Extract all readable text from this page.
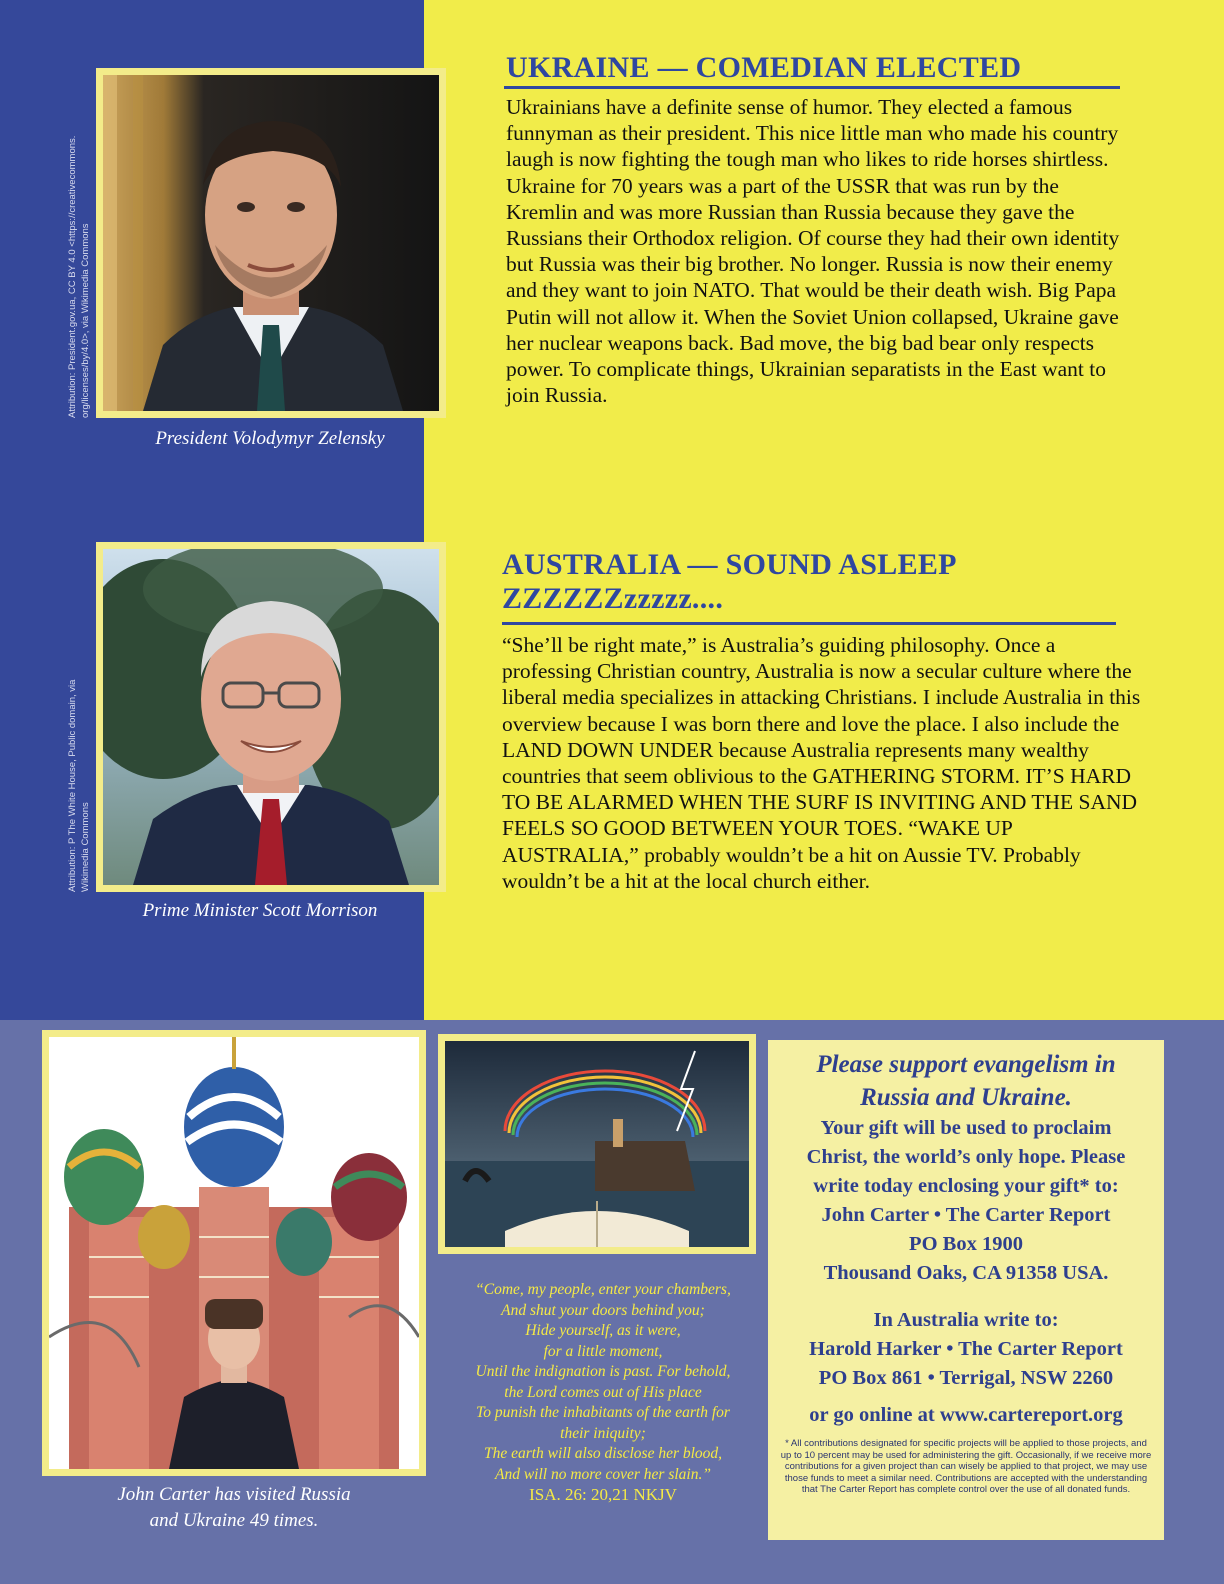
Attribution: President.gov.ua, CC BY 4.0 <https://creativecommons. org/licenses/by/4.0>, via Wikimedia Commons
President Volodymyr Zelensky
UKRAINE — COMEDIAN ELECTED

Ukrainians have a definite sense of humor. They elected a famous funnyman as their president. This nice little man who made his country laugh is now fighting the tough man who likes to ride horses shirtless. Ukraine for 70 years was a part of the USSR that was run by the Kremlin and was more Russian than Russia because they gave the Russians their Orthodox religion. Of course they had their own identity but Russia was their big brother. No longer. Russia is now their enemy and they want to join NATO. That would be their death wish. Big Papa Putin will not allow it. When the Soviet Union collapsed, Ukraine gave her nuclear weapons back. Bad move, the big bad bear only respects power. To complicate things, Ukrainian separatists in the East want to join Russia.

Attribution: P The White House, Public domain, via Wikimedia Commons
Prime Minister Scott Morrison
AUSTRALIA — SOUND ASLEEP
ZZZZZZzzzzz....

“She’ll be right mate,” is Australia’s guiding philosophy. Once a professing Christian country, Australia is now a secular culture where the liberal media specializes in attacking Christians. I include Australia in this overview because I was born there and love the place. I also include the LAND DOWN UNDER because Australia represents many wealthy countries that seem oblivious to the GATHERING STORM. IT’S HARD TO BE ALARMED WHEN THE SURF IS INVITING AND THE SAND FEELS SO GOOD BETWEEN YOUR TOES. “WAKE UP AUSTRALIA,” probably wouldn’t be a hit on Aussie TV. Probably wouldn’t be a hit at the local church either.

John Carter has visited Russia
and Ukraine 49 times.
“Come, my people, enter your chambers,
And shut your doors behind you;
Hide yourself, as it were,
for a little moment,
Until the indignation is past. For behold,
the Lord comes out of His place
To punish the inhabitants of the earth for
their iniquity;
The earth will also disclose her blood,
And will no more cover her slain.”
ISA. 26: 20,21 NKJV
Please support evangelism in
Russia and Ukraine.
Your gift will be used to proclaim
Christ, the world’s only hope. Please
write today enclosing your gift* to:
John Carter • The Carter Report
PO Box 1900
Thousand Oaks, CA 91358 USA.
In Australia write to:
Harold Harker • The Carter Report
PO Box 861 • Terrigal, NSW 2260
or go online at www.cartereport.org
* All contributions designated for specific projects will be applied to those projects, and up to 10 percent may be used for administering the gift. Occasionally, if we receive more contributions for a given project than can wisely be applied to that project, we may use those funds to meet a similar need. Contributions are accepted with the understanding that The Carter Report has complete control over the use of all donated funds.
